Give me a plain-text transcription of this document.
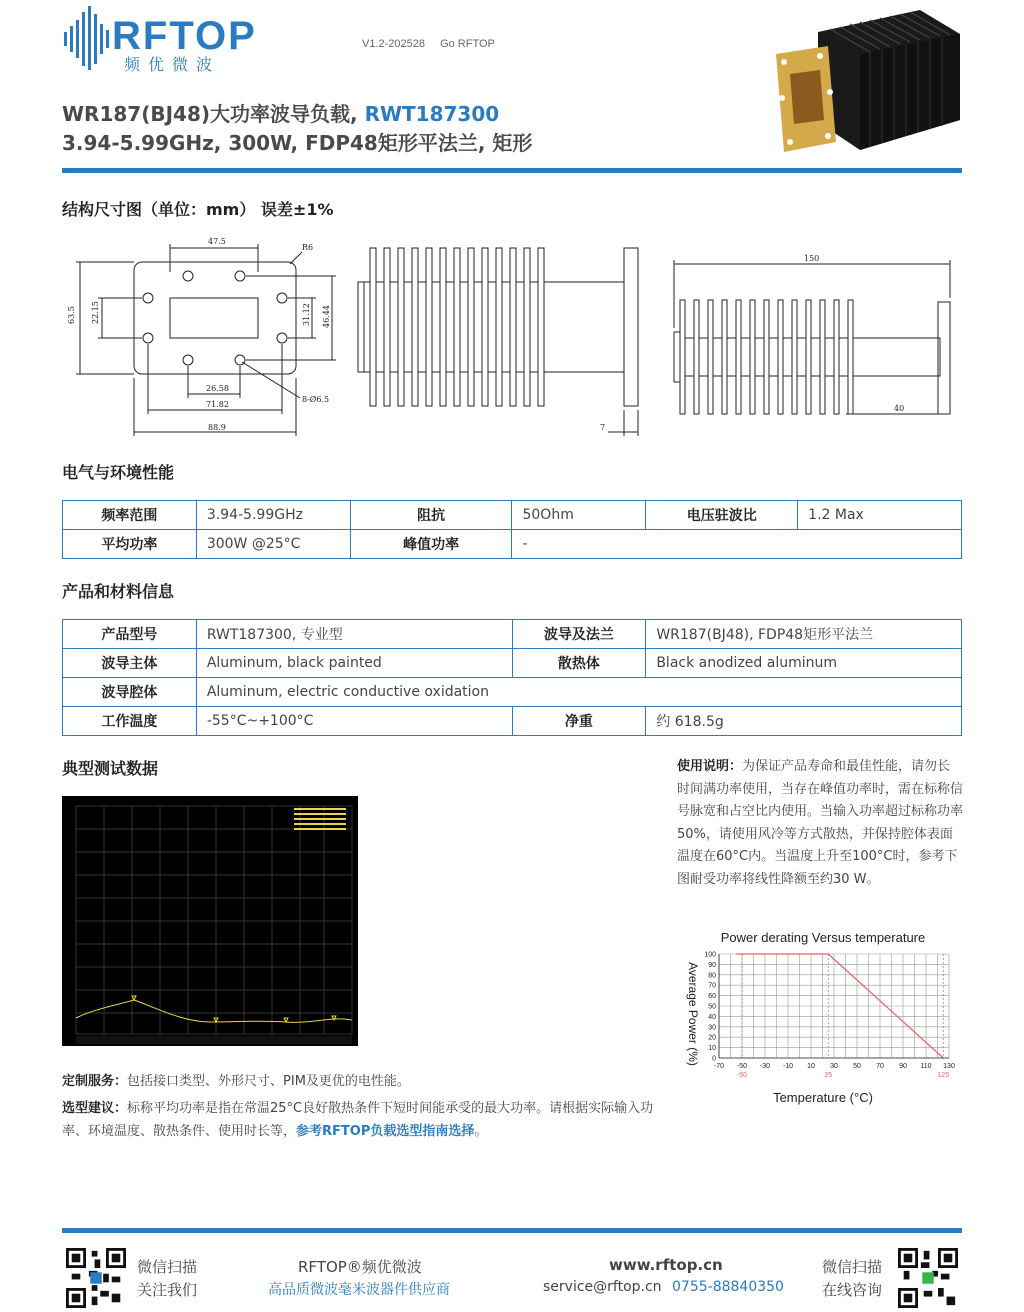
RFTOP
频优微波
V1.2-202528 Go RFTOP
WR187(BJ48)大功率波导负载, RWT187300
3.94-5.99GHz, 300W, FDP48矩形平法兰, 矩形
结构尺寸图（单位：mm） 误差±1%
47.5
R6
63.5 22.15	31.12 46.44
26.58
71.82
88.9
8-Ø6.5
7
150
40
电气与环境性能
频率范围	3.94-5.99GHz	阻抗	50Ohm	电压驻波比	1.2 Max
平均功率	300W @25°C	峰值功率	-		
产品和材料信息
产品型号	RWT187300, 专业型	波导及法兰	WR187(BJ48), FDP48矩形平法兰
波导主体	Aluminum, black painted	散热体	Black anodized aluminum
波导腔体	Aluminum, electric conductive oxidation		
工作温度	-55°C~+100°C	净重	约 618.5g
典型测试数据	使用说明：为保证产品寿命和最佳性能，请勿长时间满功率使用，当存在峰值功率时，需在标称信号脉宽和占空比内使用。当输入功率超过标称功率50%，请使用风冷等方式散热，并保持腔体表面温度在60°C内。当温度上升至100°C时，参考下图耐受功率将线性降额至约30 W。
Power derating Versus temperature
Temperature (°C)
Average Power (%)
-70 -50 -30 -10 10 30 50 70 90 110 130
0
10
20
30
40
50
60
70
80
90
100
-50	25	125
定制服务：包括接口类型、外形尺寸、PIM及更优的电性能。
选型建议：标称平均功率是指在常温25°C良好散热条件下短时间能承受的最大功率。请根据实际输入功率、环境温度、散热条件、使用时长等，参考RFTOP负载选型指南选择。
微信扫描
关注我们
RFTOP®频优微波
高品质微波毫米波器件供应商
www.rftop.cn
service@rftop.cn 0755-88840350
微信扫描
在线咨询
